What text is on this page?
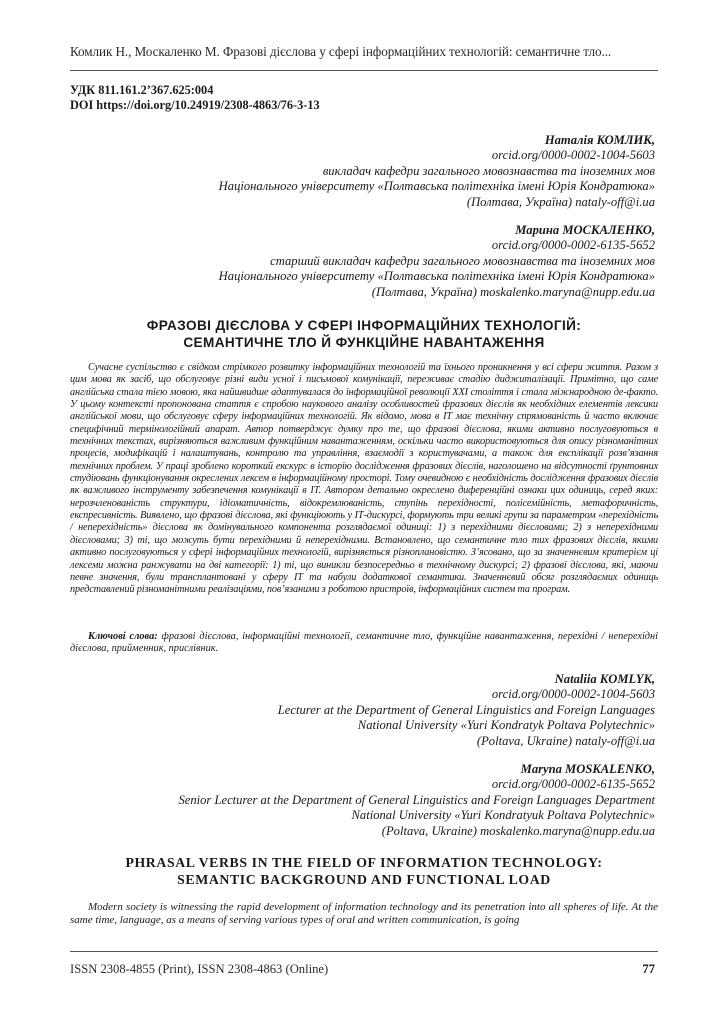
Комлик Н., Москаленко М. Фразові дієслова у сфері інформаційних технологій: семантичне тло...
УДК 811.161.2’367.625:004
DOI https://doi.org/10.24919/2308-4863/76-3-13
Наталія КОМЛИК,
orcid.org/0000-0002-1004-5603
викладач кафедри загального мовознавства та іноземних мов
Національного університету «Полтавська політехніка імені Юрія Кондратюка»
(Полтава, Україна) nataly-off@i.ua
Марина МОСКАЛЕНКО,
orcid.org/0000-0002-6135-5652
старший викладач кафедри загального мовознавства та іноземних мов
Національного університету «Полтавська політехніка імені Юрія Кондратюка»
(Полтава, Україна) moskalenko.maryna@nupp.edu.ua
ФРАЗОВІ ДІЄСЛОВА У СФЕРІ ІНФОРМАЦІЙНИХ ТЕХНОЛОГІЙ:
СЕМАНТИЧНЕ ТЛО Й ФУНКЦІЙНЕ НАВАНТАЖЕННЯ

Сучасне суспільство є свідком стрімкого розвитку інформаційних технологій та їхнього проникнення у всі сфери життя. Разом з цим мова як засіб, що обслуговує різні види усної і письмової комунікації, переживає стадію диджиталізації. Примітно, що саме англійська стала тією мовою, яка найшвидше адаптувалася до інформаційної революції XXI століття і стала міжнародною де-факто. У цьому контексті пропонована стаття є спробою наукового аналізу особливостей фразових дієслів як необхідних елементів лексики англійської мови, що обслуговує сферу інформаційних технологій. Як відомо, мова в ІТ має технічну спрямованість й часто включає специфічний термінологійний апарат. Автор потверджує думку про те, що фразові дієслова, якими активно послуговуються в технічних текстах, вирізняються важливим функційним навантаженням, оскільки часто використовуються для опису різноманітних процесів, модифікацій і налаштувань, контролю та управління, взаємодії з користувачами, а також для експлікації розв’язання технічних проблем. У праці зроблено короткий екскурс в історію дослідження фразових дієслів, наголошено на відсутності ґрунтовних студіювань функціонування окреслених лексем в інформаційному просторі. Тому очевидною є необхідність дослідження фразових дієслів як важливого інструменту забезпечення комунікації в ІТ. Автором детально окреслено диференційні ознаки цих одиниць, серед яких: нерозчленованість структури, ідіоматичність, відокремлюваність, ступінь перехідності, полісемійність, метафоричність, експресивність. Виявлено, що фразові дієслова, які функціюють у ІТ-дискурсі, формують три великі групи за параметром «перехідність / неперехідність» дієслова як домінувального компонента розглядаємої одиниці: 1) з перехідними дієсловами; 2) з неперехідними дієсловами; 3) ті, що можуть бути перехідними й неперехідними. Встановлено, що семантичне тло тих фразових дієслів, якими активно послуговуються у сфері інформаційних технологій, вирізняється різноплановістю. З’ясовано, що за значеннєвим критерієм ці лексеми можна ранжувати на дві категорії: 1) ті, що виникли безпосередньо в технічному дискурсі; 2) фразові дієслова, які, маючи певне значення, були трансплантовані у сферу ІТ та набули додаткової семантики. Значеннєвий обсяг розглядаємих одиниць представлений різноманітними реалізаціями, пов’язаними з роботою пристроїв, інформаційних систем та програм.

Ключові слова: фразові дієслова, інформаційні технології, семантичне тло, функційне навантаження, перехідні / неперехідні дієслова, прийменник, прислівник.
Nataliia KOMLYK,
orcid.org/0000-0002-1004-5603
Lecturer at the Department of General Linguistics and Foreign Languages
National University «Yuri Kondratyk Poltava Polytechnic»
(Poltava, Ukraine) nataly-off@i.ua
Maryna MOSKALENKO,
orcid.org/0000-0002-6135-5652
Senior Lecturer at the Department of General Linguistics and Foreign Languages Department
National University «Yuri Kondratyuk Poltava Polytechnic»
(Poltava, Ukraine) moskalenko.maryna@nupp.edu.ua
PHRASAL VERBS IN THE FIELD OF INFORMATION TECHNOLOGY:
SEMANTIC BACKGROUND AND FUNCTIONAL LOAD
Modern society is witnessing the rapid development of information technology and its penetration into all spheres of life. At the same time, language, as a means of serving various types of oral and written communication, is going
ISSN 2308-4855 (Print), ISSN 2308-4863 (Online)	77
